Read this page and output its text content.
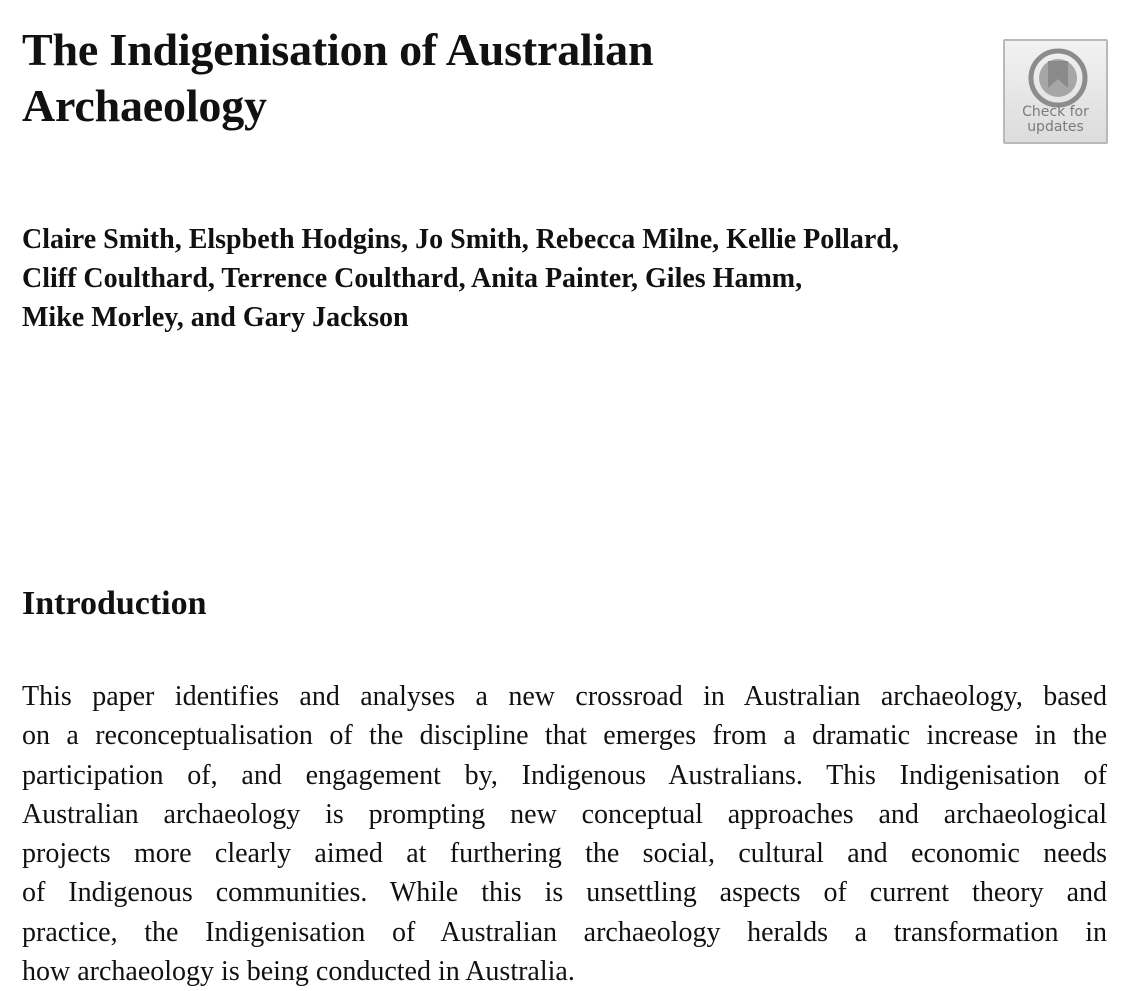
The Indigenisation of Australian
Archaeology	Check for
updates

Claire Smith, Elspbeth Hodgins, Jo Smith, Rebecca Milne, Kellie Pollard,
Cliff Coulthard, Terrence Coulthard, Anita Painter, Giles Hamm,
Mike Morley, and Gary Jackson

Introduction

This paper identifies and analyses a new crossroad in Australian archaeology, based
on a reconceptualisation of the discipline that emerges from a dramatic increase in the
participation of, and engagement by, Indigenous Australians. This Indigenisation of
Australian archaeology is prompting new conceptual approaches and archaeological
projects more clearly aimed at furthering the social, cultural and economic needs
of Indigenous communities. While this is unsettling aspects of current theory and
practice, the Indigenisation of Australian archaeology heralds a transformation in
how archaeology is being conducted in Australia.
